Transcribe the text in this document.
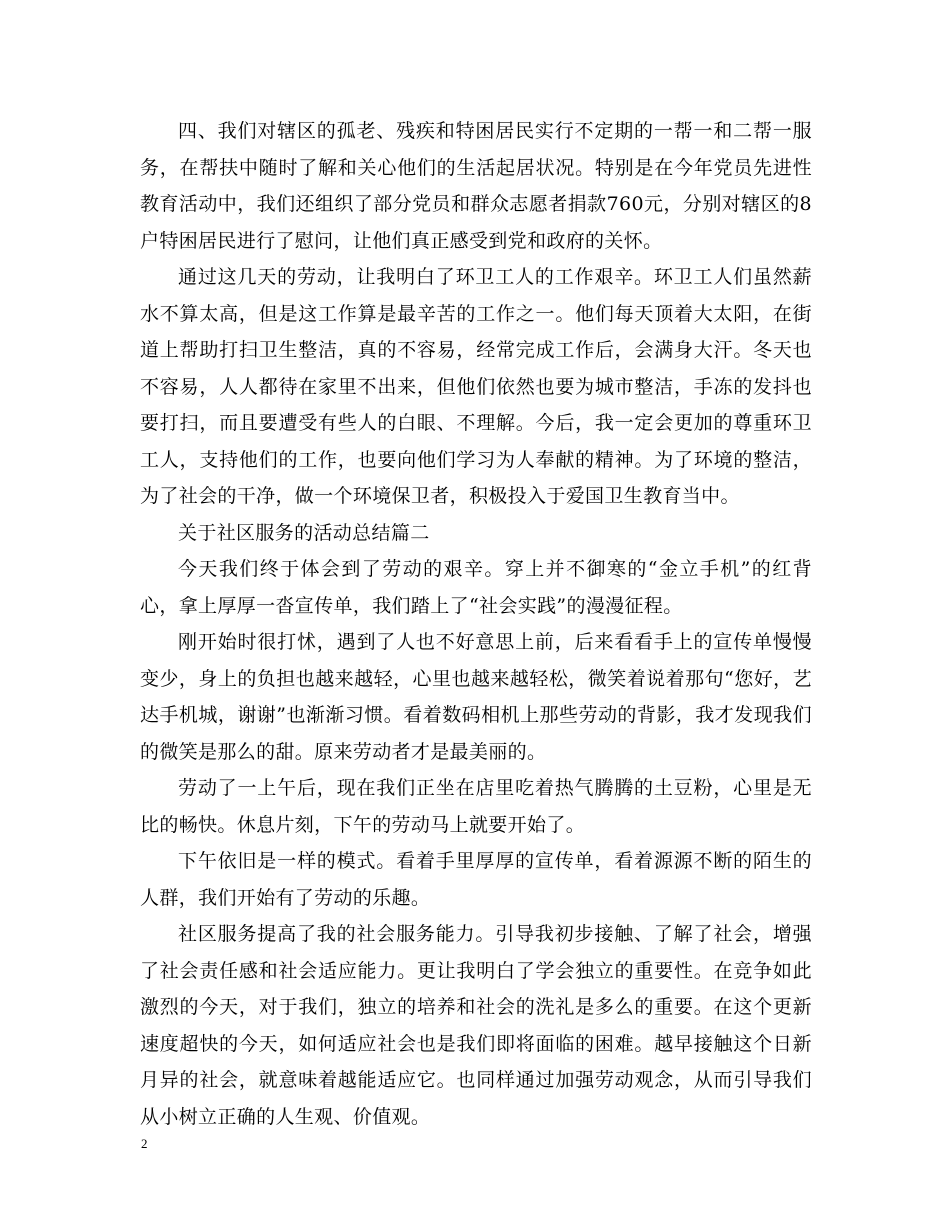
四、我们对辖区的孤老、残疾和特困居民实行不定期的一帮一和二帮一服务，在帮扶中随时了解和关心他们的生活起居状况。特别是在今年党员先进性教育活动中，我们还组织了部分党员和群众志愿者捐款760元，分别对辖区的8户特困居民进行了慰问，让他们真正感受到党和政府的关怀。

通过这几天的劳动，让我明白了环卫工人的工作艰辛。环卫工人们虽然薪水不算太高，但是这工作算是最辛苦的工作之一。他们每天顶着大太阳，在街道上帮助打扫卫生整洁，真的不容易，经常完成工作后，会满身大汗。冬天也不容易，人人都待在家里不出来，但他们依然也要为城市整洁，手冻的发抖也要打扫，而且要遭受有些人的白眼、不理解。今后，我一定会更加的尊重环卫工人，支持他们的工作，也要向他们学习为人奉献的精神。为了环境的整洁，为了社会的干净，做一个环境保卫者，积极投入于爱国卫生教育当中。

关于社区服务的活动总结篇二

今天我们终于体会到了劳动的艰辛。穿上并不御寒的“金立手机”的红背心，拿上厚厚一沓宣传单，我们踏上了“社会实践”的漫漫征程。

刚开始时很打怵，遇到了人也不好意思上前，后来看看手上的宣传单慢慢变少，身上的负担也越来越轻，心里也越来越轻松，微笑着说着那句“您好，艺达手机城，谢谢”也渐渐习惯。看着数码相机上那些劳动的背影，我才发现我们的微笑是那么的甜。原来劳动者才是最美丽的。

劳动了一上午后，现在我们正坐在店里吃着热气腾腾的土豆粉，心里是无比的畅快。休息片刻，下午的劳动马上就要开始了。

下午依旧是一样的模式。看着手里厚厚的宣传单，看着源源不断的陌生的人群，我们开始有了劳动的乐趣。

社区服务提高了我的社会服务能力。引导我初步接触、了解了社会，增强了社会责任感和社会适应能力。更让我明白了学会独立的重要性。在竞争如此激烈的今天，对于我们，独立的培养和社会的洗礼是多么的重要。在这个更新速度超快的今天，如何适应社会也是我们即将面临的困难。越早接触这个日新月异的社会，就意味着越能适应它。也同样通过加强劳动观念，从而引导我们从小树立正确的人生观、价值观。

2
